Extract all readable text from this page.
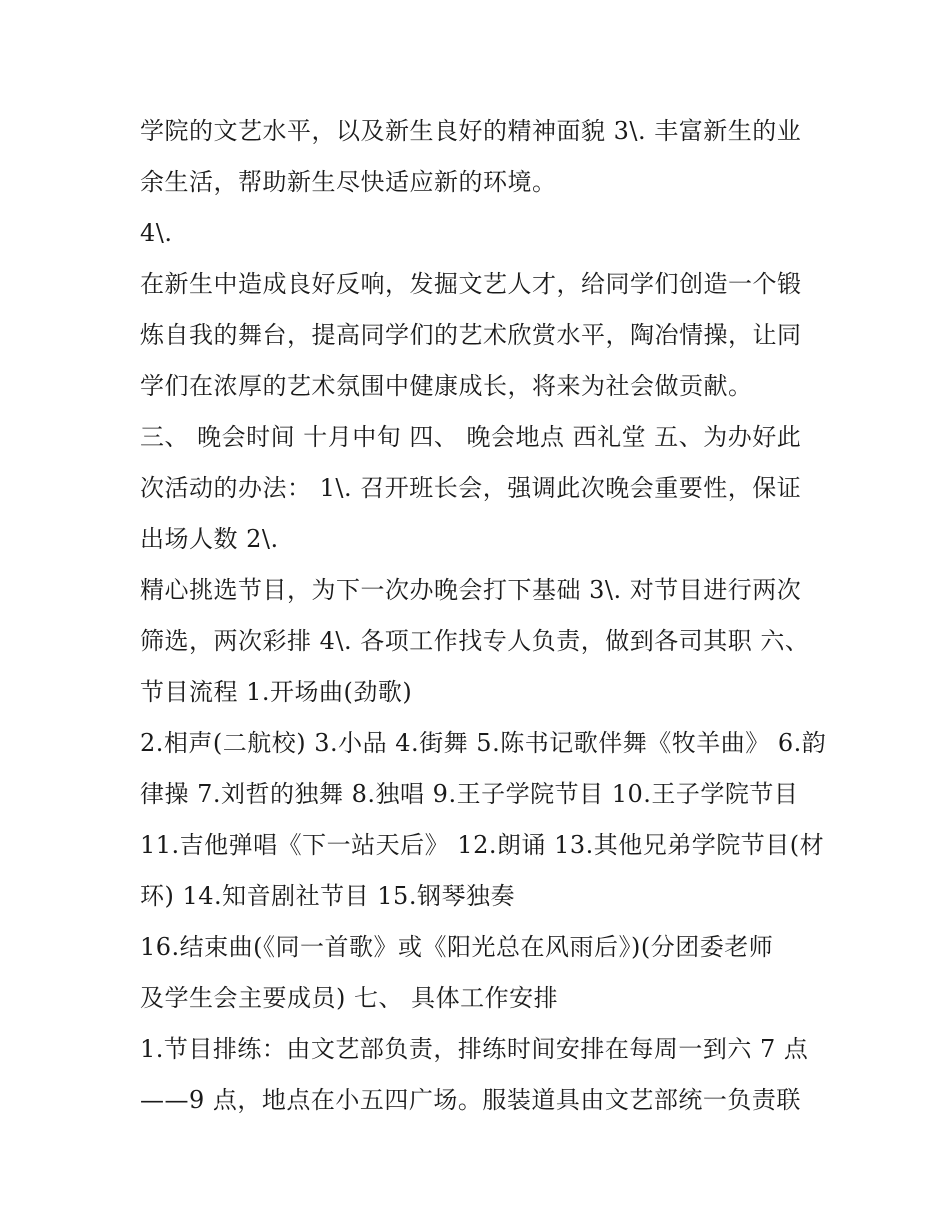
学院的文艺水平，以及新生良好的精神面貌 3\. 丰富新生的业
余生活，帮助新生尽快适应新的环境。
4\.
在新生中造成良好反响，发掘文艺人才，给同学们创造一个锻
炼自我的舞台，提高同学们的艺术欣赏水平，陶冶情操，让同
学们在浓厚的艺术氛围中健康成长，将来为社会做贡献。
三、 晚会时间 十月中旬 四、 晚会地点 西礼堂 五、为办好此
次活动的办法： 1\. 召开班长会，强调此次晚会重要性，保证
出场人数 2\.
精心挑选节目，为下一次办晚会打下基础 3\. 对节目进行两次
筛选，两次彩排 4\. 各项工作找专人负责，做到各司其职 六、
节目流程 1.开场曲(劲歌)
2.相声(二航校) 3.小品 4.街舞 5.陈书记歌伴舞《牧羊曲》 6.韵
律操 7.刘哲的独舞 8.独唱 9.王子学院节目 10.王子学院节目
11.吉他弹唱《下一站天后》 12.朗诵 13.其他兄弟学院节目(材
环) 14.知音剧社节目 15.钢琴独奏
16.结束曲(《同一首歌》或《阳光总在风雨后》)(分团委老师
及学生会主要成员) 七、 具体工作安排
1.节目排练：由文艺部负责，排练时间安排在每周一到六 7 点
——9 点，地点在小五四广场。服装道具由文艺部统一负责联
